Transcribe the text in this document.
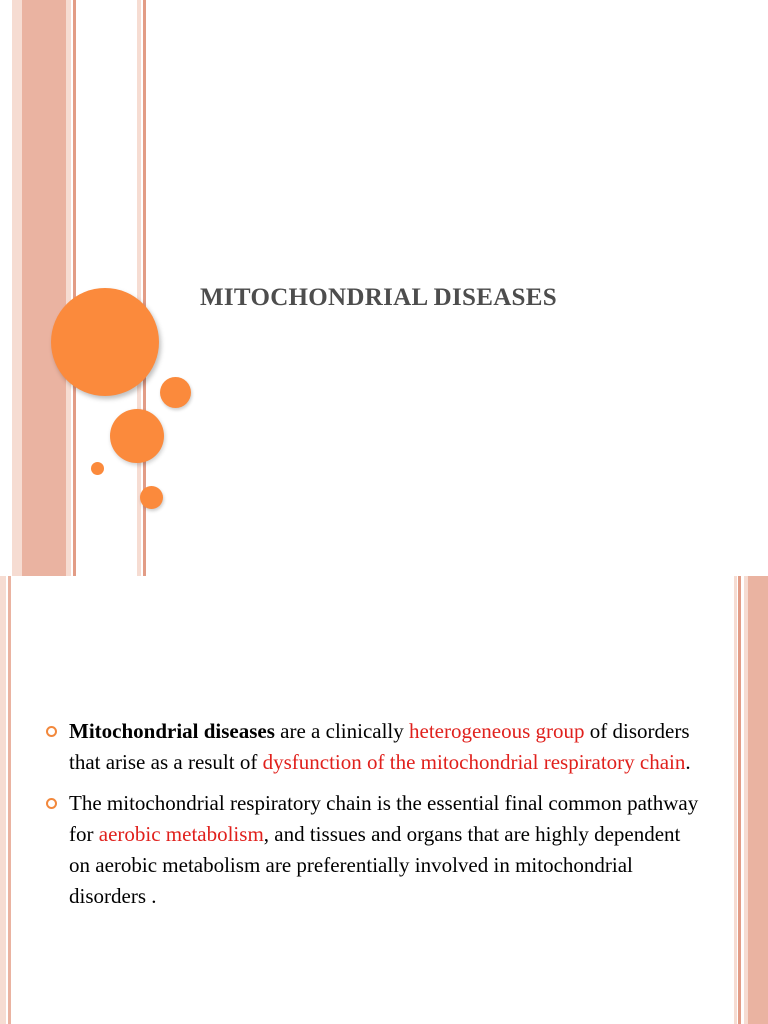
MITOCHONDRIAL DISEASES
Mitochondrial diseases are a clinically heterogeneous group of disorders that arise as a result of dysfunction of the mitochondrial respiratory chain.
The mitochondrial respiratory chain is the essential final common pathway for aerobic metabolism, and tissues and organs that are highly dependent on aerobic metabolism are preferentially involved in mitochondrial disorders .
